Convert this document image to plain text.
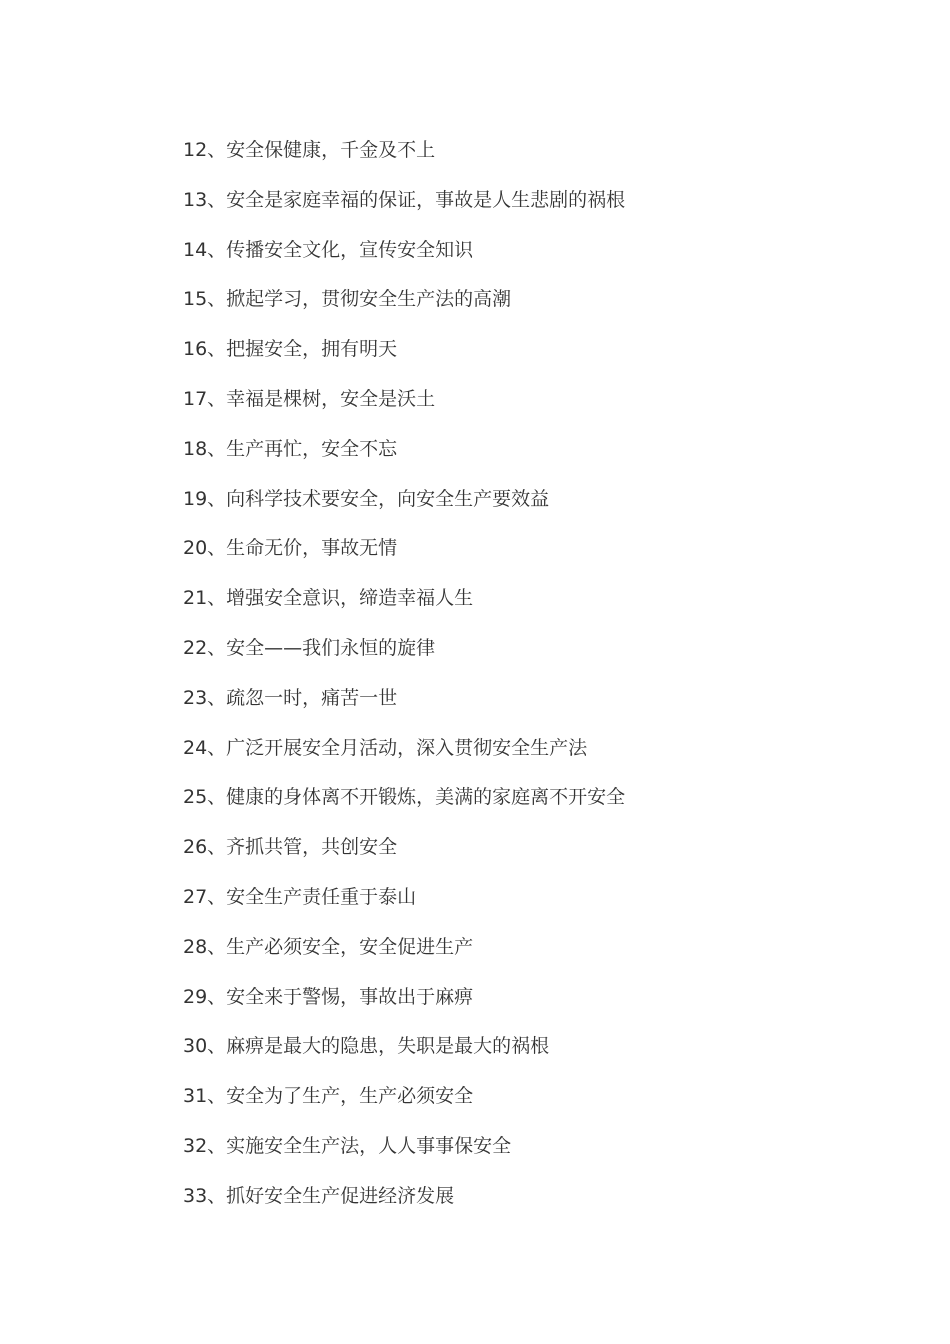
12、安全保健康，千金及不上
13、安全是家庭幸福的保证，事故是人生悲剧的祸根
14、传播安全文化，宣传安全知识
15、掀起学习，贯彻安全生产法的高潮
16、把握安全，拥有明天
17、幸福是棵树，安全是沃土
18、生产再忙，安全不忘
19、向科学技术要安全，向安全生产要效益
20、生命无价，事故无情
21、增强安全意识，缔造幸福人生
22、安全——我们永恒的旋律
23、疏忽一时，痛苦一世
24、广泛开展安全月活动，深入贯彻安全生产法
25、健康的身体离不开锻炼，美满的家庭离不开安全
26、齐抓共管，共创安全
27、安全生产责任重于泰山
28、生产必须安全，安全促进生产
29、安全来于警惕，事故出于麻痹
30、麻痹是最大的隐患，失职是最大的祸根
31、安全为了生产，生产必须安全
32、实施安全生产法，人人事事保安全
33、抓好安全生产促进经济发展
